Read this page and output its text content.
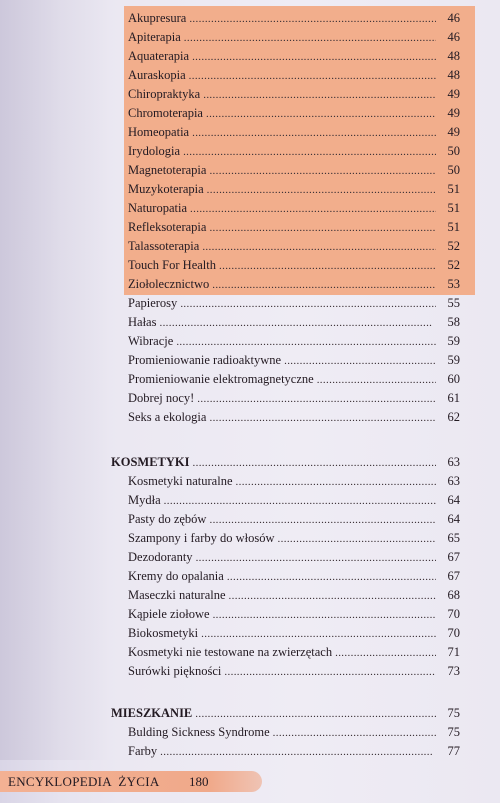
Akupresura . . .	46
Apiterapia . . .	46
Aquaterapia . . .	48
Auraskopia . . .	48
Chiropraktyka . . .	49
Chromoterapia . . .	49
Homeopatia . . .	49
Irydologia . . .	50
Magnetoterapia . . .	50
Muzykoterapia . . .	51
Naturopatia . . .	51
Refleksoterapia . . .	51
Talassoterapia . . .	52
Touch For Health . . .	52
Ziołolecznictwo . . .	53
Papierosy . . .	55
Hałas . . .	58
Wibracje . . .	59
Promieniowanie radioaktywne . . .	59
Promieniowanie elektromagnetyczne . . .	60
Dobrej nocy! . . .	61
Seks a ekologia . . .	62
KOSMETYKI . . .	63
Kosmetyki naturalne . . .	63
Mydła . . .	64
Pasty do zębów . . .	64
Szampony i farby do włosów . . .	65
Dezodoranty . . .	67
Kremy do opalania . . .	67
Maseczki naturalne . . .	68
Kąpiele ziołowe . . .	70
Biokosmetyki . . .	70
Kosmetyki nie testowane na zwierzętach . . .	71
Surówki piękności . . .	73
MIESZKANIE . . .	75
Bulding Sickness Syndrome . . .	75
Farby . . .	77
ENCYKLOPEDIA  ŻYCIA 180
